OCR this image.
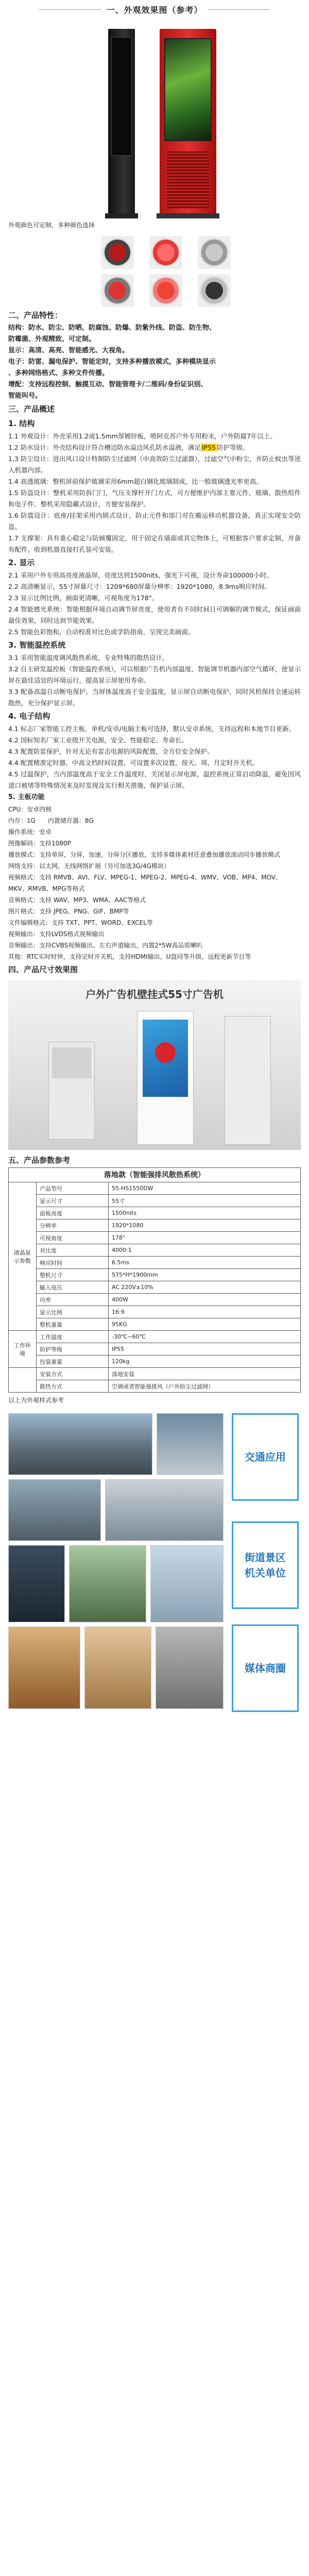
一、外观效果图（参考）
外观颜色可定制，多种颜色选择
二、产品特性：
结构：防水、防尘、防晒、防腐蚀、防爆、防紫外线、防盗、防生物、
防霉菌、外观精致、可定制。
显示：高清、高亮、智能感光、大视角。
电子：防雷、漏电保护、智能定时，支持多种播放模式，多种模块显示
、多种网络格式、多种文件传播。
增配：支持远程控制、触摸互动、智能管理卡/二维码/身份证识别、
智能叫号。
三、产品概述
1. 结构
1.1 外观设计：外壳采用1.2或1.5mm厚镀锌板，喷阿克苏户外专用粉末，户外防腐7年以上。
1.2 防水设计：外壳结构设计符合槽边防水溢边风孔防水溢液，满足 IP55 防护等级。
1.3 防尘设计：进出风口设计特制防尘过滤网（中高效防尘过滤器），过滤空气中粉尘，并防止蚊虫等进入机器内部。
1.4 高透玻璃：整机屏前保护玻璃采用6mm超白钢化玻璃制成，比一般玻璃透光率更高。
1.5 防盗设计：整机采用防拆门门，气压支撑杆开门方式，可方便维护内部主要元件，玻璃、散热组件和电子件。整机采用隐藏式设计，方便安装保护。
1.6 防震设计：底座/挂架采用内锁式设计，防止元件和部门对在搬运移动机器设备，真正实现安全防盗。
1.7 支撑架：具有重心稳定与防倾覆固定，用于固定在墙面或其它物体上，可根据客户要求定制，并备有配件，收到机器直接打孔装可安装。
2. 显示
2.1 采用户外专用高亮度液晶屏，亮度达到1500nits，强光下可视，设计寿命100000小时。
2.2 高清晰显示，55寸屏幕尺寸：1209*680屏幕分辨率：1920*1080，8.9ms响应时间。
2.3 显示比例比例，画面更清晰，可视角度为178°。
2.4 智能感光系统：智能根据环境自动调节屏亮度，使用者有不同时间日可调解的调节模式，保证画面最佳效果，同时达到节能效果。
2.5 智能色彩饱和，自动校准对比色或学防指南、呈现完美画面。
3. 智能温控系统
3.1 采用智能温度调风散热系统，专业特殊的散热设计。
3.2 自主研发温控板（智能温控系统），可以根据广告机内部温度、智能调节机器内部空气循环，使显示屏在最佳适宜的环境运行，提高显示屏使用寿命。
3.3 配备高温自动断电保护，当屏体温度高于安全温度，显示屏自动断电保护，同时风机保持全速运转散热，充分保护显示屏。
4. 电子结构
4.1 标志厂家智能工控主板，单机/安卓/电脑主板可选择，默认安卓系统，支持远程和本地节目更新。
4.2 国标知名厂家工业级开关电源，安全、性能稳定、寿命长。
4.3 配置防雷保护，针对无论有雷击电源的风险配置，全方位安全保护。
4.4 配置精准定时器，中高文档时间设置，可设置多次设置，按天、周、月定时开关机。
4.5 过温保护，当内部温度高于安全工作温度时，关闭显示屏电源，温控系统正常启动降温，避免因风道口被堵等特殊情况来及时发现及实行相关措施，保护显示屏。
5. 主板功能
CPU：安卓四核
内存：1G　　内置储存器：8G
操作系统：安卓
图像解码：支持1080P
播放模式：支持单屏，分屏，加速，分屏分区播放，支持多媒体素材任意叠加播放滚动同步播放模式
网络支持：以太网，无线网络扩展（另可加选3G/4G模块）
视频格式：支持 RMVB、AVI、FLV、MPEG-1、MPEG-2、MPEG-4、WMV、VOB、MP4、MOV、MKV、RMVB、MPG等格式
音频格式：支持 WAV、MP3、WMA、AAC等格式
图片格式：支持 JPEG、PNG、GIF、BMP等
文件编辑格式：支持 TXT、PPT、WORD、EXCEL等
视频输出：支持LVDS格式视频输出
音频输出：支持CVBS视频输出、左右声道输出，内置2*5W高品质喇叭
其他：RTC实时时钟，支持定时开关机，支持HDMI输出，U盘同等升级，远程更新节目等
四、产品尺寸效果图
户外广告机壁挂式55寸广告机
五、产品参数参考
落地款（智能强排风散热系统）
液晶显示参数	产品型号	55-HS1550DW
	显示尺寸	55寸
	面板亮度	1500nits
	分辨率	1920*1080
	可视角度	178°
	对比度	4000:1
	响应时间	6.5ms
	整机尺寸	575*H*1900mm
	输入电压	AC 220V±10%
	功率	400W
	显示比例	16:9
	整机重量	95KG
工作环境	工作温度	-30℃~60℃
	防护等级	IP55
	包装重量	120kg
	安装方式	落地安装
	散热方式	空调或者智能强排风（户外防尘过滤网）
以上为外观样式参考
交通应用
街道景区
机关单位
媒体商圈
